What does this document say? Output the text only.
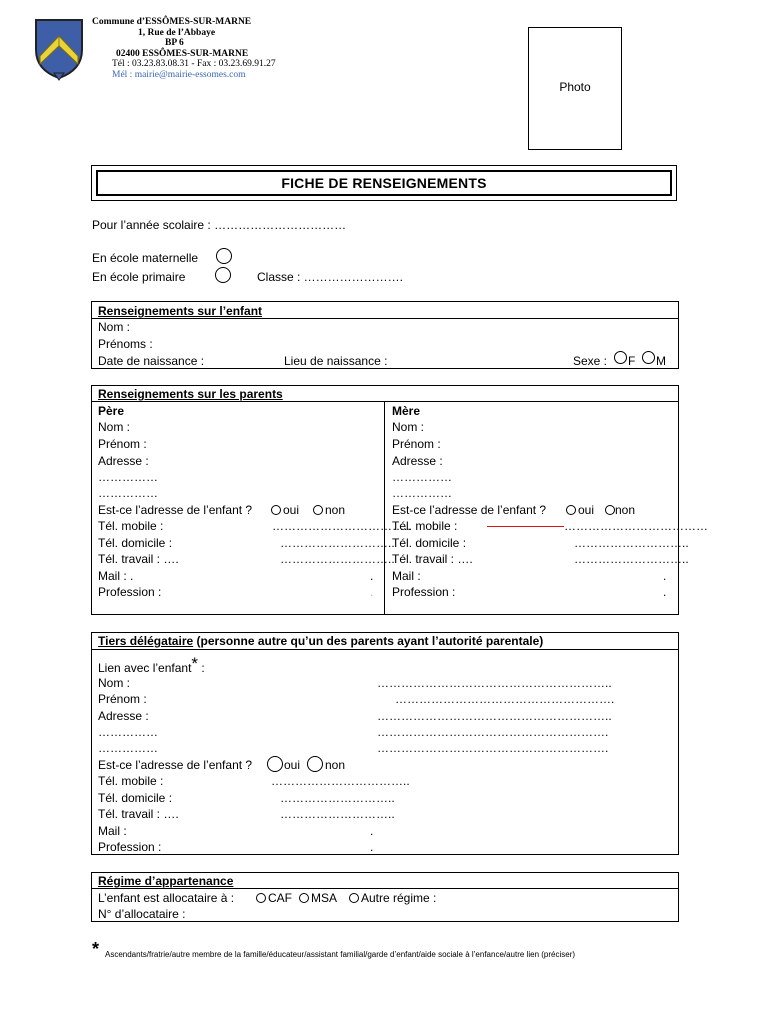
Commune d’ESSÔMES-SUR-MARNE
1, Rue de l’Abbaye
BP 6
02400 ESSÔMES-SUR-MARNE
Tél : 03.23.83.08.31 - Fax : 03.23.69.91.27
Mél : mairie@mairie-essomes.com
Photo
FICHE DE RENSEIGNEMENTS
Pour l’année scolaire : ……………………………
En école maternelle
En école primaire	Classe : …………………….
Renseignements sur l’enfant
Nom :
Prénoms :
Date de naissance :	Lieu de naissance :	Sexe : F M
Renseignements sur les parents
Père
Nom :
Prénom :
Adresse :
……………
……………
Est-ce l’adresse de l’enfant ?	oui non
Tél. mobile :	……………………………..
Tél. domicile :	………………………..
Tél. travail : ….	………………………..
Mail : .	.
Profession :	.
Mère
Nom :
Prénom :
Adresse :
……………
……………
Est-ce l’adresse de l’enfant ?	oui non
Tél. mobile :	………………………………
Tél. domicile :	………………………..
Tél. travail : ….	………………………..
Mail :	.
Profession :	.
Tiers délégataire (personne autre qu’un des parents ayant l’autorité parentale)
Lien avec l’enfant* :
Nom :	…………………………………………………..
Prénom :	……………………………………………….
Adresse :	…………………………………………………..
……………	………………………………………………….
……………	………………………………………………….
Est-ce l’adresse de l’enfant ?	oui non
Tél. mobile :	……………………………..
Tél. domicile :	………………………..
Tél. travail : ….	………………………..
Mail :	.
Profession :	.
Régime d’appartenance
L’enfant est allocataire à :	CAF MSA Autre régime :
N° d’allocataire :
* Ascendants/fratrie/autre membre de la famille/éducateur/assistant familial/garde d’enfant/aide sociale à l’enfance/autre lien (préciser)
